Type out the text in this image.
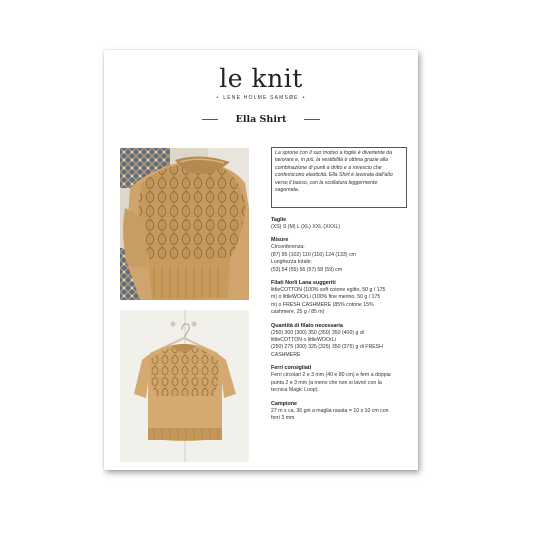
le knit
• LENE HOLME SAMSØE •
Ella Shirt
La sprone con il suo motivo a foglie è divertente da lavorare e, in più, la vestibilità è ottima grazie alla combinazione di punti a dritto e a rovescio che conferiscono elasticità. Ella Shirt è lavorata dall'alto verso il basso, con la scollatura leggermente sagomata.
Taglie
(XS) S (M) L (XL) XXL (XXXL)
Misure
Circonferenza:
(87) 95 (102) 110 (116) 124 (133) cm
Lunghezza totale:
(53) 54 (55) 56 (57) 58 (59) cm
Filati Norli Lana suggeriti
littleCOTTON (100% soft cotone egitto, 50 g / 175
m) o littleWOOrLi (100% fine merino, 50 g / 175
m) o FRESH CASHMERE (85% cotone 15%
cashmere, 25 g / 85 m)
Quantità di filato necessaria
(250) 300 (300) 350 (350) 350 (400) g di
littleCOTTON o littleWOOrLi
(250) 275 (300) 325 (325) 350 (375) g di FRESH
CASHMERE
Ferri consigliati
Ferri circolari 2 e 3 mm (40 e 80 cm) e ferri a doppia
punta 2 e 3 mm (a meno che non si lavori con la
tecnica Magic Loop).
Campione
27 m x ca. 36 giri a maglia rasata = 10 x 10 cm con
ferri 3 mm
